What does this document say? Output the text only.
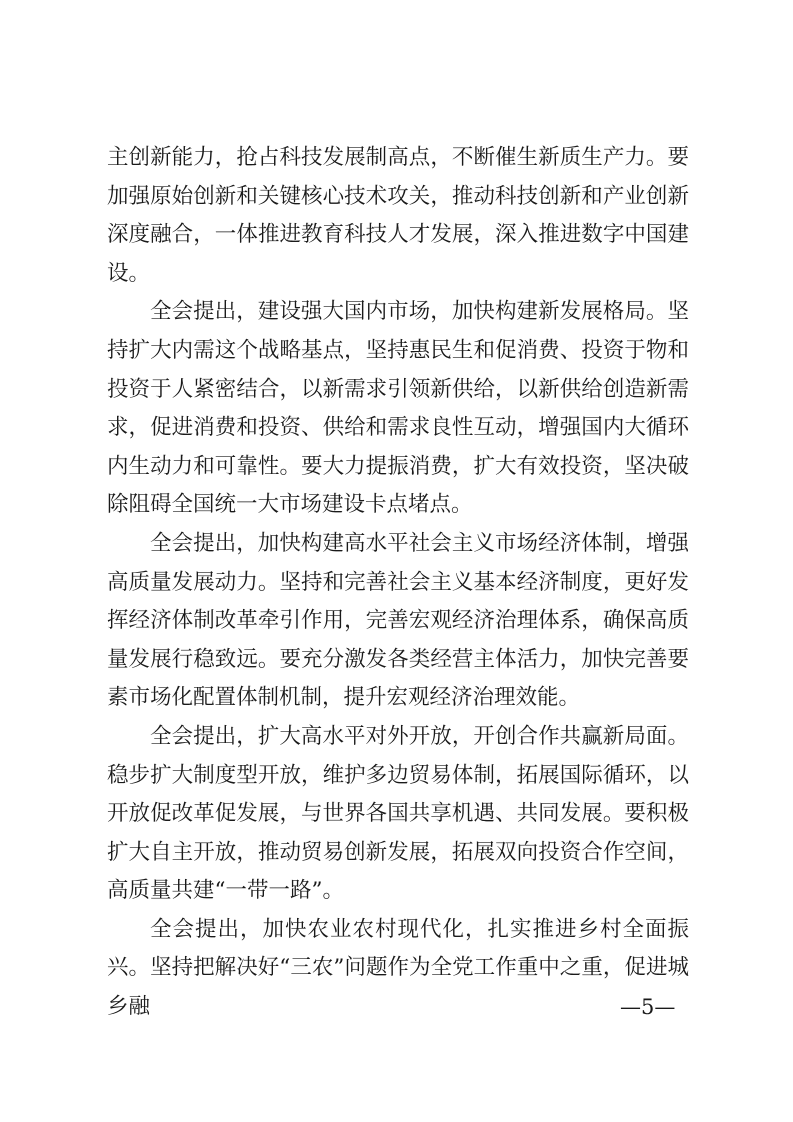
主创新能力，抢占科技发展制高点，不断催生新质生产力。要加强原始创新和关键核心技术攻关，推动科技创新和产业创新深度融合，一体推进教育科技人才发展，深入推进数字中国建设。

全会提出，建设强大国内市场，加快构建新发展格局。坚持扩大内需这个战略基点，坚持惠民生和促消费、投资于物和投资于人紧密结合，以新需求引领新供给，以新供给创造新需求，促进消费和投资、供给和需求良性互动，增强国内大循环内生动力和可靠性。要大力提振消费，扩大有效投资，坚决破除阻碍全国统一大市场建设卡点堵点。

全会提出，加快构建高水平社会主义市场经济体制，增强高质量发展动力。坚持和完善社会主义基本经济制度，更好发挥经济体制改革牵引作用，完善宏观经济治理体系，确保高质量发展行稳致远。要充分激发各类经营主体活力，加快完善要素市场化配置体制机制，提升宏观经济治理效能。

全会提出，扩大高水平对外开放，开创合作共赢新局面。稳步扩大制度型开放，维护多边贸易体制，拓展国际循环，以开放促改革促发展，与世界各国共享机遇、共同发展。要积极扩大自主开放，推动贸易创新发展，拓展双向投资合作空间，高质量共建“一带一路”。

全会提出，加快农业农村现代化，扎实推进乡村全面振兴。坚持把解决好“三农”问题作为全党工作重中之重，促进城乡融	—5—
